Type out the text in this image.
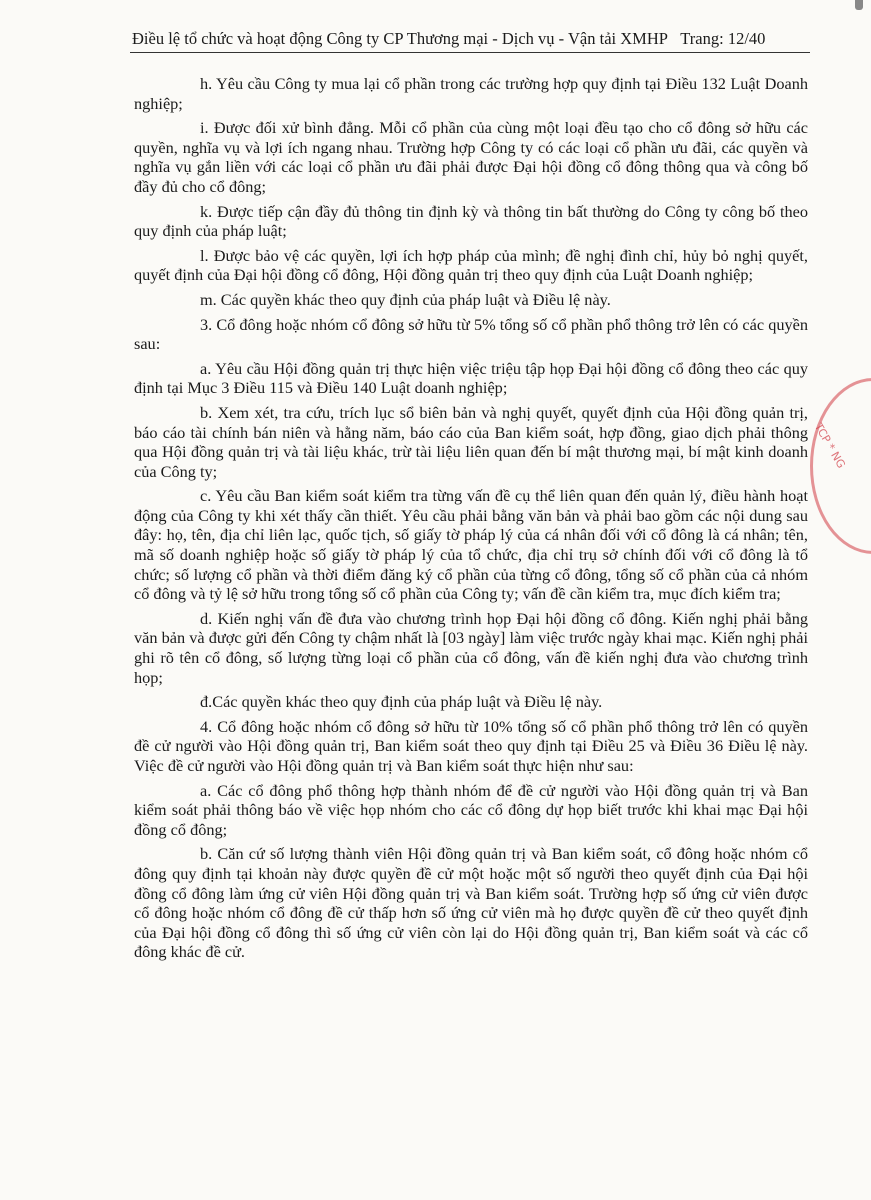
Điều lệ tổ chức và hoạt động Công ty CP Thương mại - Dịch vụ - Vận tải XMHP Trang: 12/40

h. Yêu cầu Công ty mua lại cổ phần trong các trường hợp quy định tại Điều 132 Luật Doanh nghiệp;

i. Được đối xử bình đẳng. Mỗi cổ phần của cùng một loại đều tạo cho cổ đông sở hữu các quyền, nghĩa vụ và lợi ích ngang nhau. Trường hợp Công ty có các loại cổ phần ưu đãi, các quyền và nghĩa vụ gắn liền với các loại cổ phần ưu đãi phải được Đại hội đồng cổ đông thông qua và công bố đầy đủ cho cổ đông;

k. Được tiếp cận đầy đủ thông tin định kỳ và thông tin bất thường do Công ty công bố theo quy định của pháp luật;

l. Được bảo vệ các quyền, lợi ích hợp pháp của mình; đề nghị đình chỉ, hủy bỏ nghị quyết, quyết định của Đại hội đồng cổ đông, Hội đồng quản trị theo quy định của Luật Doanh nghiệp;

m. Các quyền khác theo quy định của pháp luật và Điều lệ này.

3. Cổ đông hoặc nhóm cổ đông sở hữu từ 5% tổng số cổ phần phổ thông trở lên có các quyền sau:

a. Yêu cầu Hội đồng quản trị thực hiện việc triệu tập họp Đại hội đồng cổ đông theo các quy định tại Mục 3 Điều 115 và Điều 140 Luật doanh nghiệp;

b. Xem xét, tra cứu, trích lục sổ biên bản và nghị quyết, quyết định của Hội đồng quản trị, báo cáo tài chính bán niên và hằng năm, báo cáo của Ban kiểm soát, hợp đồng, giao dịch phải thông qua Hội đồng quản trị và tài liệu khác, trừ tài liệu liên quan đến bí mật thương mại, bí mật kinh doanh của Công ty;

c. Yêu cầu Ban kiểm soát kiểm tra từng vấn đề cụ thể liên quan đến quản lý, điều hành hoạt động của Công ty khi xét thấy cần thiết. Yêu cầu phải bằng văn bản và phải bao gồm các nội dung sau đây: họ, tên, địa chỉ liên lạc, quốc tịch, số giấy tờ pháp lý của cá nhân đối với cổ đông là cá nhân; tên, mã số doanh nghiệp hoặc số giấy tờ pháp lý của tổ chức, địa chỉ trụ sở chính đối với cổ đông là tổ chức; số lượng cổ phần và thời điểm đăng ký cổ phần của từng cổ đông, tổng số cổ phần của cả nhóm cổ đông và tỷ lệ sở hữu trong tổng số cổ phần của Công ty; vấn đề cần kiểm tra, mục đích kiểm tra;

d. Kiến nghị vấn đề đưa vào chương trình họp Đại hội đồng cổ đông. Kiến nghị phải bằng văn bản và được gửi đến Công ty chậm nhất là [03 ngày] làm việc trước ngày khai mạc. Kiến nghị phải ghi rõ tên cổ đông, số lượng từng loại cổ phần của cổ đông, vấn đề kiến nghị đưa vào chương trình họp;

đ.Các quyền khác theo quy định của pháp luật và Điều lệ này.

4. Cổ đông hoặc nhóm cổ đông sở hữu từ 10% tổng số cổ phần phổ thông trở lên có quyền đề cử người vào Hội đồng quản trị, Ban kiểm soát theo quy định tại Điều 25 và Điều 36 Điều lệ này. Việc đề cử người vào Hội đồng quản trị và Ban kiểm soát thực hiện như sau:

a. Các cổ đông phổ thông hợp thành nhóm để đề cử người vào Hội đồng quản trị và Ban kiểm soát phải thông báo về việc họp nhóm cho các cổ đông dự họp biết trước khi khai mạc Đại hội đồng cổ đông;

b. Căn cứ số lượng thành viên Hội đồng quản trị và Ban kiểm soát, cổ đông hoặc nhóm cổ đông quy định tại khoản này được quyền đề cử một hoặc một số người theo quyết định của Đại hội đồng cổ đông làm ứng cử viên Hội đồng quản trị và Ban kiểm soát. Trường hợp số ứng cử viên được cổ đông hoặc nhóm cổ đông đề cử thấp hơn số ứng cử viên mà họ được quyền đề cử theo quyết định của Đại hội đồng cổ đông thì số ứng cử viên còn lại do Hội đồng quản trị, Ban kiểm soát và các cổ đông khác đề cử.

TCP * NG
